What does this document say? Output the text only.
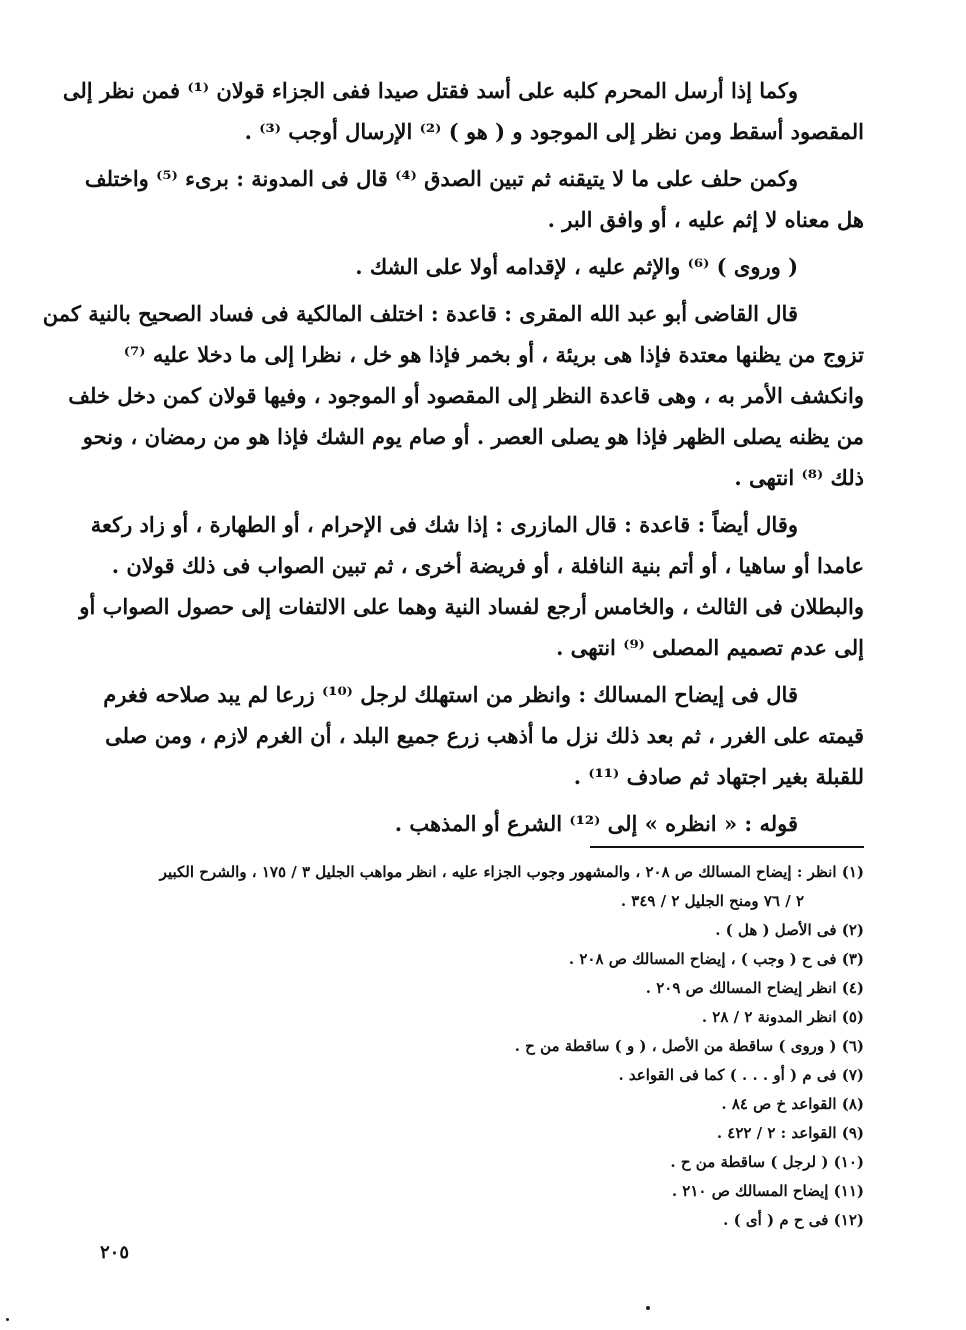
وكما إذا أرسل المحرم كلبه على أسد فقتل صيدا ففى الجزاء قولان ⁽¹⁾ فمن نظر إلى
المقصود أسقط ومن نظر إلى الموجود و ( هو ) ⁽²⁾ الإرسال أوجب ⁽³⁾ .

وكمن حلف على ما لا يتيقنه ثم تبين الصدق ⁽⁴⁾ قال فى المدونة : برىء ⁽⁵⁾ واختلف
هل معناه لا إثم عليه ، أو وافق البر .

( وروى ) ⁽⁶⁾ والإثم عليه ، لإقدامه أولا على الشك .

قال القاضى أبو عبد الله المقرى : قاعدة : اختلف المالكية فى فساد الصحيح بالنية كمن
تزوج من يظنها معتدة فإذا هى بريئة ، أو بخمر فإذا هو خل ، نظرا إلى ما دخلا عليه ⁽⁷⁾
وانكشف الأمر به ، وهى قاعدة النظر إلى المقصود أو الموجود ، وفيها قولان كمن دخل خلف
من يظنه يصلى الظهر فإذا هو يصلى العصر . أو صام يوم الشك فإذا هو من رمضان ، ونحو
ذلك ⁽⁸⁾ انتهى .

وقال أيضاً : قاعدة : قال المازرى : إذا شك فى الإحرام ، أو الطهارة ، أو زاد ركعة
عامدا أو ساهيا ، أو أتم بنية النافلة ، أو فريضة أخرى ، ثم تبين الصواب فى ذلك قولان .
والبطلان فى الثالث ، والخامس أرجع لفساد النية وهما على الالتفات إلى حصول الصواب أو
إلى عدم تصميم المصلى ⁽⁹⁾ انتهى .

قال فى إيضاح المسالك : وانظر من استهلك لرجل ⁽¹⁰⁾ زرعا لم يبد صلاحه فغرم
قيمته على الغرر ، ثم بعد ذلك نزل ما أذهب زرع جميع البلد ، أن الغرم لازم ، ومن صلى
للقبلة بغير اجتهاد ثم صادف ⁽¹¹⁾ .

قوله : « انظره » إلى ⁽¹²⁾ الشرع أو المذهب .

(١) انظر : إيضاح المسالك ص ٢٠٨ ، والمشهور وجوب الجزاء عليه ، انظر مواهب الجليل ٣ / ١٧٥ ، والشرح الكبير
٢ / ٧٦ ومنح الجليل ٢ / ٣٤٩ .
(٢) فى الأصل ( هل ) .
(٣) فى ح ( وجب ) ، إيضاح المسالك ص ٢٠٨ .
(٤) انظر إيضاح المسالك ص ٢٠٩ .
(٥) انظر المدونة ٢ / ٢٨ .
(٦) ( وروى ) ساقطة من الأصل ، ( و ) ساقطة من ح .
(٧) فى م ( أو . . . ) كما فى القواعد .
(٨) القواعد خ ص ٨٤ .
(٩) القواعد : ٢ / ٤٢٢ .
(١٠) ( لرجل ) ساقطة من ح .
(١١) إيضاح المسالك ص ٢١٠ .
(١٢) فى ح م ( أى ) .
٢٠٥
